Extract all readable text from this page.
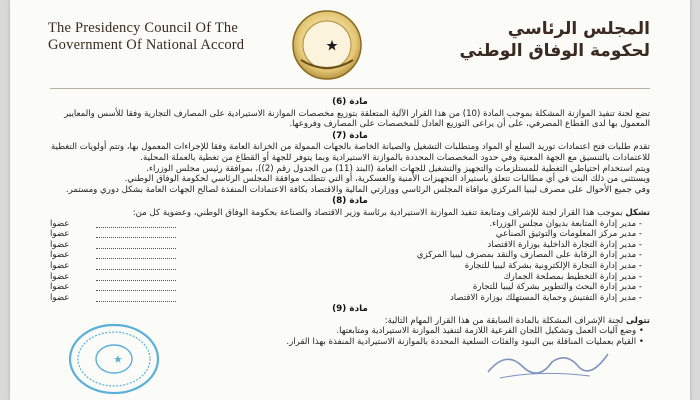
The Presidency Council Of The
Government Of National Accord
المجلس الرئاسي
لحكومة الوفاق الوطني
مادة (6)

تضع لجنة تنفيذ الموازنة المشكلة بموجب المادة (10) من هذا القرار الآلية المتعلقة بتوزيع مخصصات الموازنة الاستيرادية على المصارف التجارية وفقا للأسس والمعايير المعمول بها لدى القطاع المصرفي، على أن يراعى التوزيع العادل للمخصصات على المصارف وفروعها.

مادة (7)

تقدم طلبات فتح اعتمادات توريد السلع أو المواد ومتطلبات التشغيل والصيانة الخاصة بالجهات الممولة من الخزانة العامة وفقا للإجراءات المعمول بها، وتتم أولويات التغطية للاعتمادات بالتنسيق مع الجهة المعنية وفي حدود المخصصات المحددة بالموازنة الاستيرادية وبما يتوفر للجهة أو القطاع من تغطية بالعملة المحلية.

ويتم استخدام احتياطي التغطية للمستلزمات والتجهيز والتشغيل للجهات العامة (البند (11) من الجدول رقم (2))، بموافقة رئيس مجلس الوزراء.

ويستثنى من ذلك البت في أي مطالبات تتعلق باستيراد التجهيزات الأمنية والعسكرية، أو التي تتطلب موافقة المجلس الرئاسي لحكومة الوفاق الوطني.

وفي جميع الأحوال على مصرف ليبيا المركزي موافاة المجلس الرئاسي ووزارتي المالية والاقتصاد بكافة الاعتمادات المنفذة لصالح الجهات العامة بشكل دوري ومستمر.

مادة (8)

تشكل بموجب هذا القرار لجنة للإشراف ومتابعة تنفيذ الموازنة الاستيرادية برئاسة وزير الاقتصاد والصناعة بحكومة الوفاق الوطني، وعضوية كل من:

- مدير إدارة المتابعة بديوان مجلس الوزراء.
عضوا
- مدير مركز المعلومات والتوثيق الصناعي
عضوا
- مدير إدارة التجارة الداخلية بوزارة الاقتصاد
عضوا
- مدير إدارة الرقابة على المصارف والنقد بمصرف ليبيا المركزي
عضوا
- مدير إدارة التجارة الإلكترونية بشركة ليبيا للتجارة
عضوا
- مدير إدارة التخطيط بمصلحة الجمارك
عضوا
- مدير إدارة البحث والتطوير بشركة ليبيا للتجارة
عضوا
- مدير إدارة التفتيش وحماية المستهلك بوزارة الاقتصاد
عضوا
مادة (9)

تتولى لجنة الإشراف المشكلة بالمادة السابقة من هذا القرار المهام التالية:

• وضع آليات العمل وتشكيل اللجان الفرعية اللازمة لتنفيذ الموازنة الاستيرادية ومتابعتها.

• القيام بعمليات المناقلة بين البنود والفئات السلعية المحددة بالموازنة الاستيرادية المنفذة بهذا القرار.
